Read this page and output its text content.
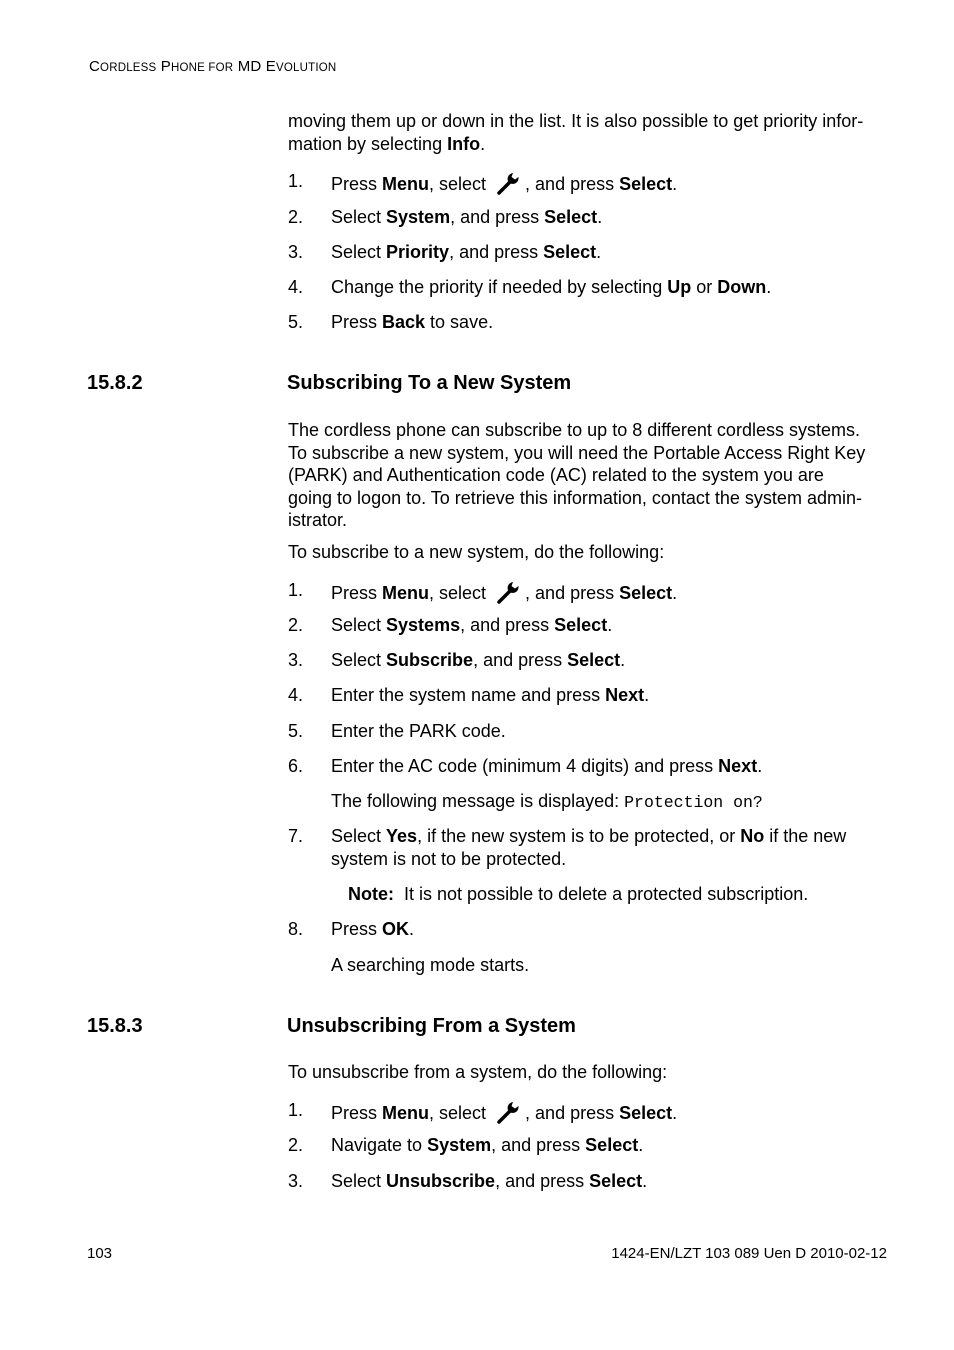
CORDLESS PHONE FOR MD EVOLUTION
moving them up or down in the list. It is also possible to get priority infor-
mation by selecting Info.
1. Press Menu, select , and press Select.
2. Select System, and press Select.
3. Select Priority, and press Select.
4. Change the priority if needed by selecting Up or Down.
5. Press Back to save.
15.8.2	Subscribing To a New System
The cordless phone can subscribe to up to 8 different cordless systems.
To subscribe a new system, you will need the Portable Access Right Key
(PARK) and Authentication code (AC) related to the system you are
going to logon to. To retrieve this information, contact the system admin-
istrator.
To subscribe to a new system, do the following:
1. Press Menu, select , and press Select.
2. Select Systems, and press Select.
3. Select Subscribe, and press Select.
4. Enter the system name and press Next.
5. Enter the PARK code.
6. Enter the AC code (minimum 4 digits) and press Next.
The following message is displayed: Protection on?
7. Select Yes, if the new system is to be protected, or No if the new system is not to be protected.
Note: It is not possible to delete a protected subscription.
8. Press OK.
A searching mode starts.
15.8.3	Unsubscribing From a System
To unsubscribe from a system, do the following:
1. Press Menu, select , and press Select.
2. Navigate to System, and press Select.
3. Select Unsubscribe, and press Select.
103	1424-EN/LZT 103 089 Uen D 2010-02-12
